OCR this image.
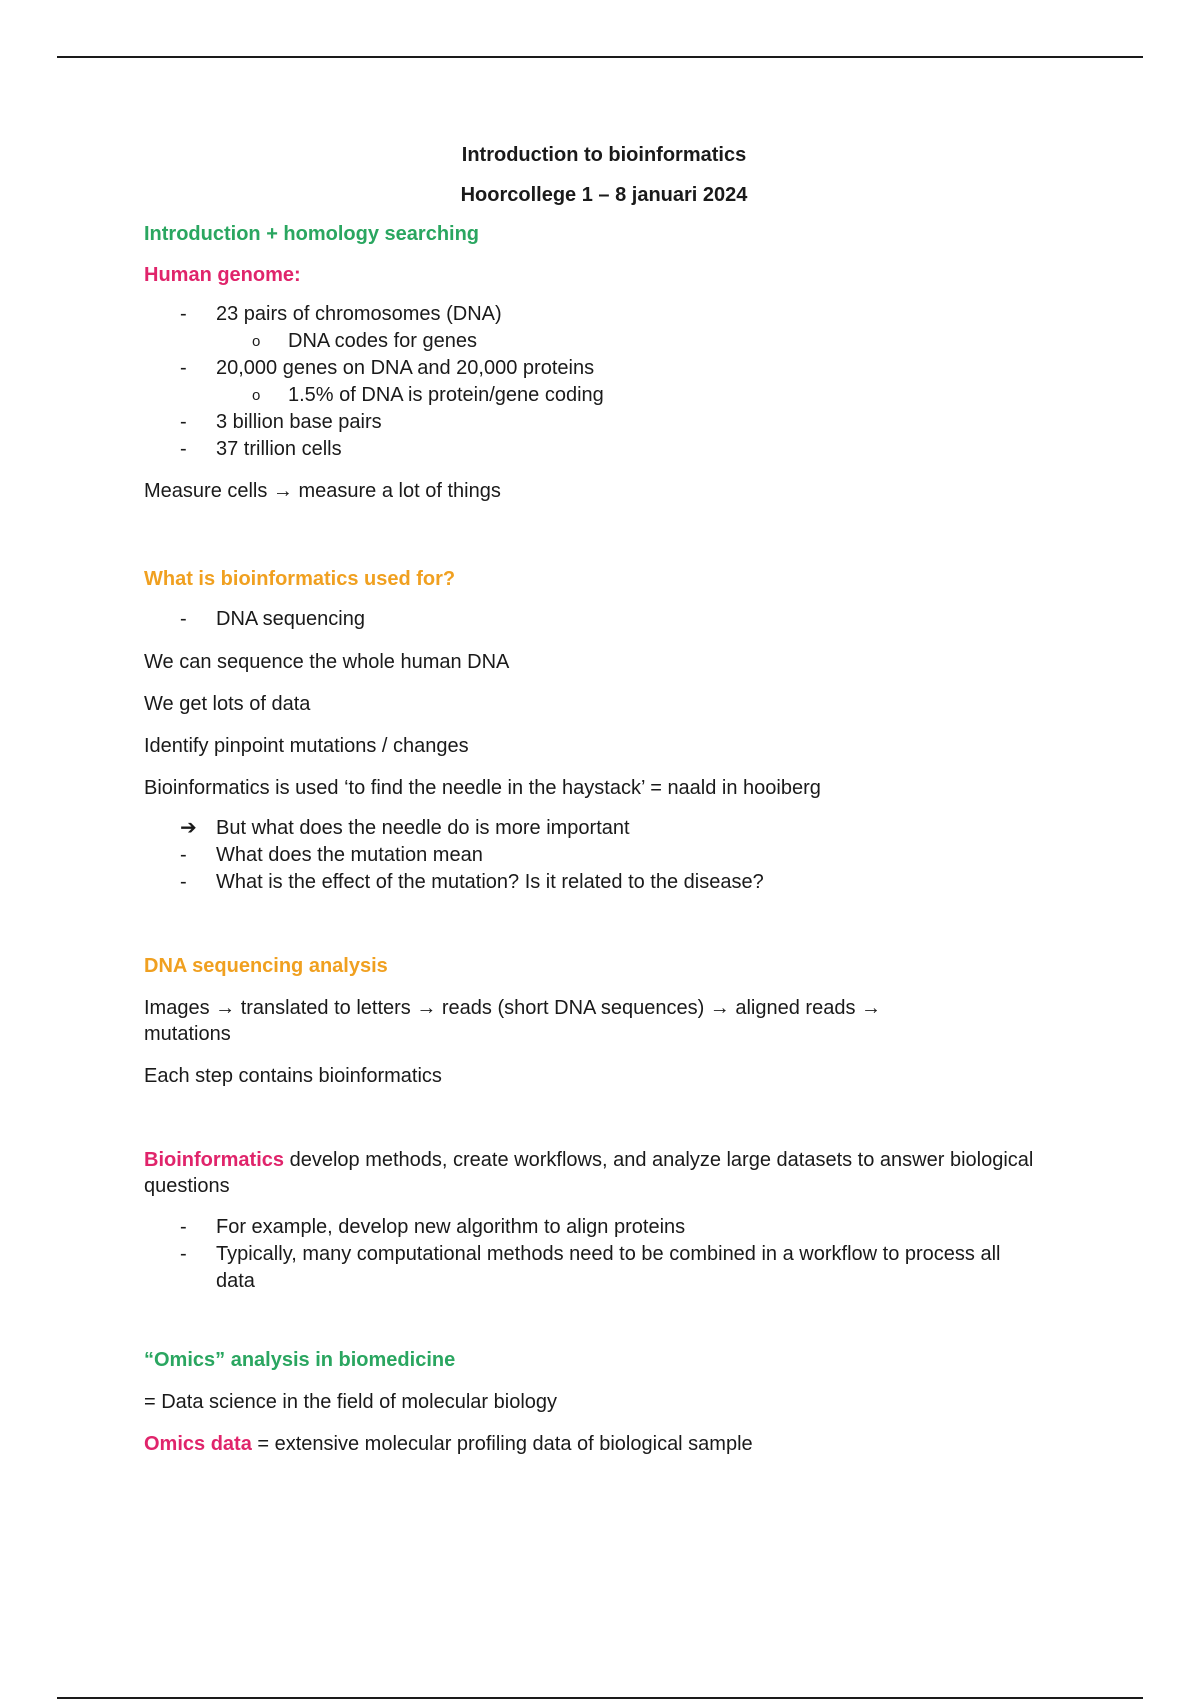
Introduction to bioinformatics

Hoorcollege 1 – 8 januari 2024

Introduction + homology searching

Human genome:

-	23 pairs of chromosomes (DNA)
o	DNA codes for genes
-	20,000 genes on DNA and 20,000 proteins
o	1.5% of DNA is protein/gene coding
-	3 billion base pairs
-	37 trillion cells

Measure cells → measure a lot of things

What is bioinformatics used for?

-	DNA sequencing

We can sequence the whole human DNA

We get lots of data

Identify pinpoint mutations / changes

Bioinformatics is used ‘to find the needle in the haystack’ = naald in hooiberg

➔ But what does the needle do is more important
-	What does the mutation mean
-	What is the effect of the mutation? Is it related to the disease?

DNA sequencing analysis

Images → translated to letters → reads (short DNA sequences) → aligned reads → mutations

Each step contains bioinformatics

Bioinformatics develop methods, create workflows, and analyze large datasets to answer biological questions

-	For example, develop new algorithm to align proteins
-	Typically, many computational methods need to be combined in a workflow to process all data

“Omics” analysis in biomedicine

= Data science in the field of molecular biology

Omics data = extensive molecular profiling data of biological sample
